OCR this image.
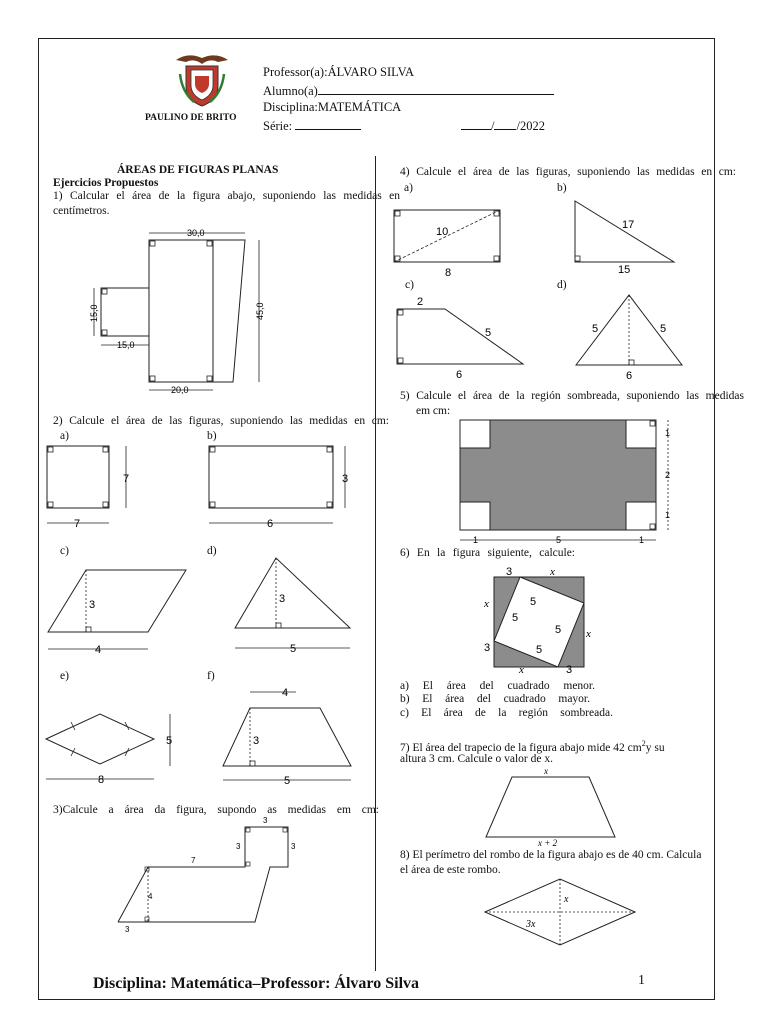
PAULINO DE BRITO
Professor(a):ÁLVARO SILVA
Alumno(a)
Disciplina:MATEMÁTICA
Série:	/ /2022
ÁREAS DE FIGURAS PLANAS
Ejercicios Propuestos
1) Calcular el área de la figura abajo, suponiendo las medidas en
centímetros.
30,0
45,0
15,0
15,0
20,0
2) Calcule el área de las figuras, suponiendo las medidas en cm:
a)
7
7
b)
3
6
c)
3
4
d)
3
5
e)
5
8
f)
4
3
5
3)Calcule a área da figura, supondo as medidas em cm:
3
3	3
7
4
3
4) Calcule el área de las figuras, suponiendo las medidas en cm:
a)
10
8
b)
17
15
c)
2
5
6
d)
5	5
6
5) Calcule el área de la región sombreada, suponiendo las medidas
em cm:
1
2
1
1	5	1
6) En la figura siguiente, calcule:
3	x
x
3
x
x	3
5
5
5
5
a) El área del cuadrado menor.
b) El área del cuadrado mayor.
c) El área de la región sombreada.
7) El área del trapecio de la figura abajo mide 42 $cm^2y$ su
altura 3 cm. Calcule o valor de x.
x
x + 2
8) El perímetro del rombo de la figura abajo es de 40 cm. Calcula
el área de este rombo.
x
3x
Disciplina: Matemática–Professor: Álvaro Silva	1
